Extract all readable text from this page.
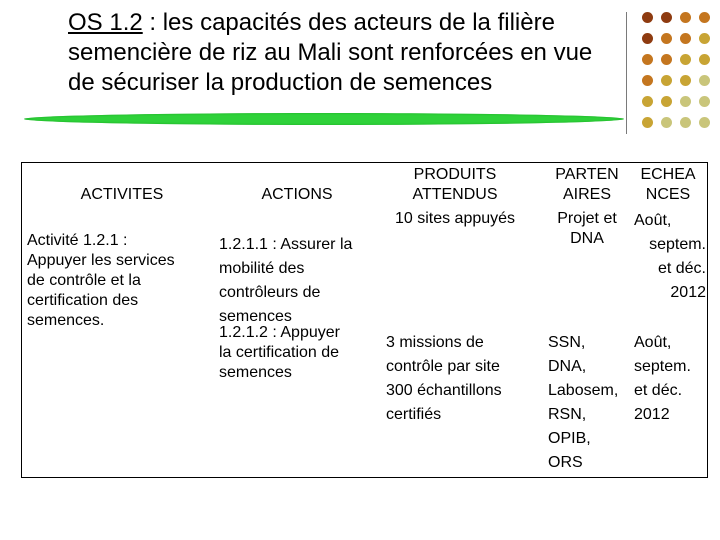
OS 1.2 : les capacités des acteurs de la filière
semencière de riz au Mali sont renforcées en vue
de sécuriser la production de semences
ACTIVITES	ACTIONS
PRODUITS
ATTENDUS
PARTEN
AIRES
ECHEA
NCES
Activité 1.2.1 :
Appuyer les services
de contrôle et la
certification des
semences.
1.2.1.1 : Assurer la
mobilité des
contrôleurs de
semences
1.2.1.2 : Appuyer
la certification de
semences
10 sites appuyés
3 missions de
contrôle par site
300 échantillons
certifiés
Projet et
DNA
SSN,
DNA,
Labosem,
RSN,
OPIB,
ORS
Août,
septem.
et déc.
2012
Août,
septem.
et déc.
2012
